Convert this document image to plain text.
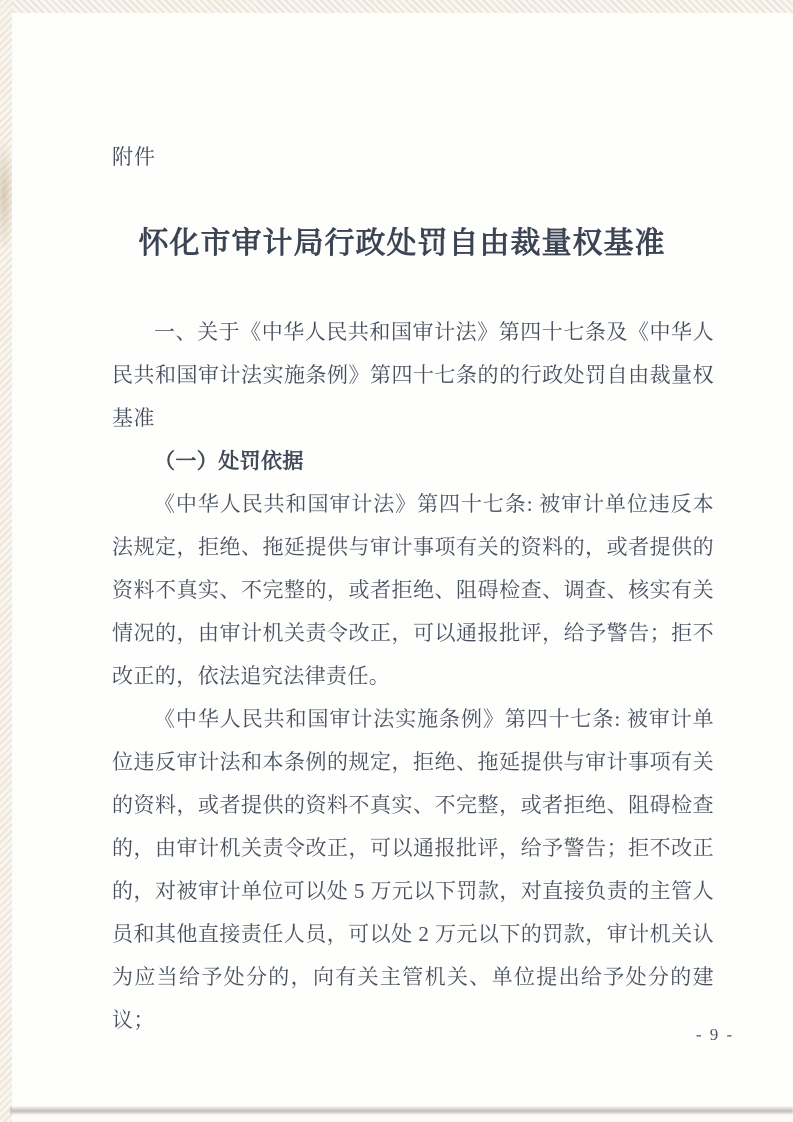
附件
怀化市审计局行政处罚自由裁量权基准

一、关于《中华人民共和国审计法》第四十七条及《中华人民共和国审计法实施条例》第四十七条的的行政处罚自由裁量权基准

（一）处罚依据

《中华人民共和国审计法》第四十七条: 被审计单位违反本法规定，拒绝、拖延提供与审计事项有关的资料的，或者提供的资料不真实、不完整的，或者拒绝、阻碍检查、调查、核实有关情况的，由审计机关责令改正，可以通报批评，给予警告；拒不改正的，依法追究法律责任。

《中华人民共和国审计法实施条例》第四十七条: 被审计单位违反审计法和本条例的规定，拒绝、拖延提供与审计事项有关的资料，或者提供的资料不真实、不完整，或者拒绝、阻碍检查的，由审计机关责令改正，可以通报批评，给予警告；拒不改正的，对被审计单位可以处 5 万元以下罚款，对直接负责的主管人员和其他直接责任人员，可以处 2 万元以下的罚款，审计机关认为应当给予处分的，向有关主管机关、单位提出给予处分的建议；

- 9 -
